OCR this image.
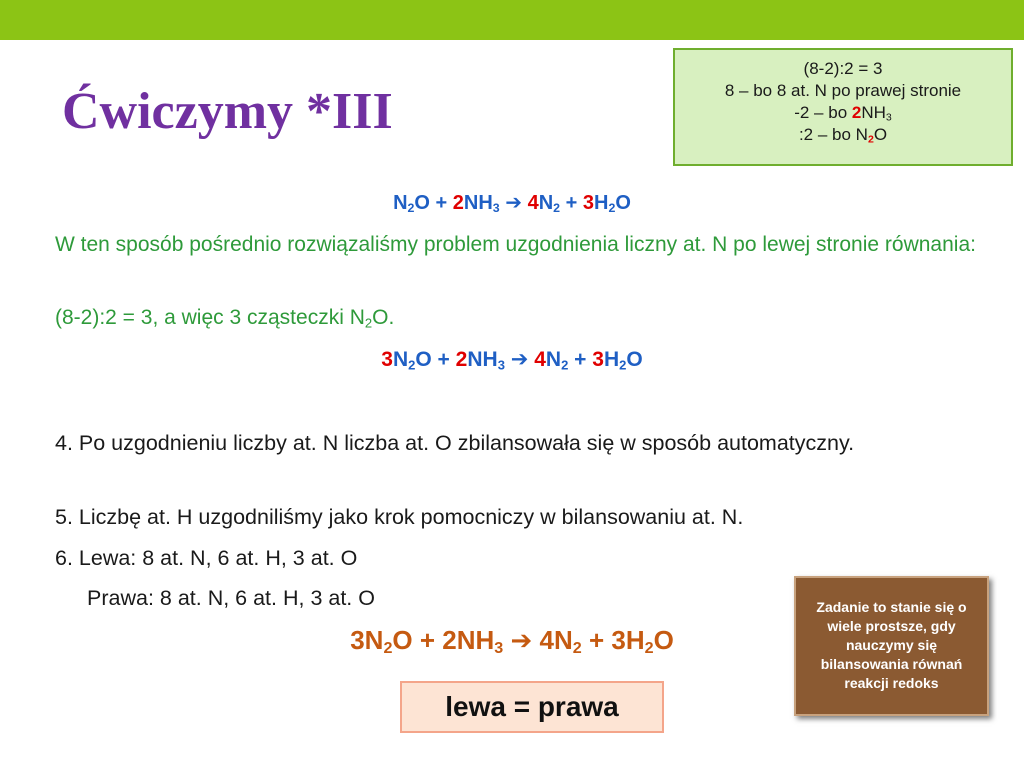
Ćwiczymy *III
(8-2):2 = 3
8 – bo 8 at. N po prawej stronie
-2 – bo $2NH_3$
:2 – bo $N_2O$
$N_2O + 2NH_3$ ➔ $4N_2 + 3H_2O$
W ten sposób pośrednio rozwiązaliśmy problem uzgodnienia liczny at. N po lewej stronie równania:
(8-2):2 = 3, a więc 3 cząsteczki $N_2O$.
$3N_2O + 2NH_3$ ➔ $4N_2 + 3H_2O$
4. Po uzgodnieniu liczby at. N liczba at. O zbilansowała się w sposób automatyczny.
5. Liczbę at. H uzgodniliśmy jako krok pomocniczy w bilansowaniu at. N.
6. Lewa: 8 at. N, 6 at. H, 3 at. O
Prawa: 8 at. N, 6 at. H, 3 at. O
$3N_2O + 2NH_3$ ➔ $4N_2 + 3H_2O$
lewa = prawa
Zadanie to stanie się o wiele prostsze, gdy nauczymy się bilansowania równań reakcji redoks
